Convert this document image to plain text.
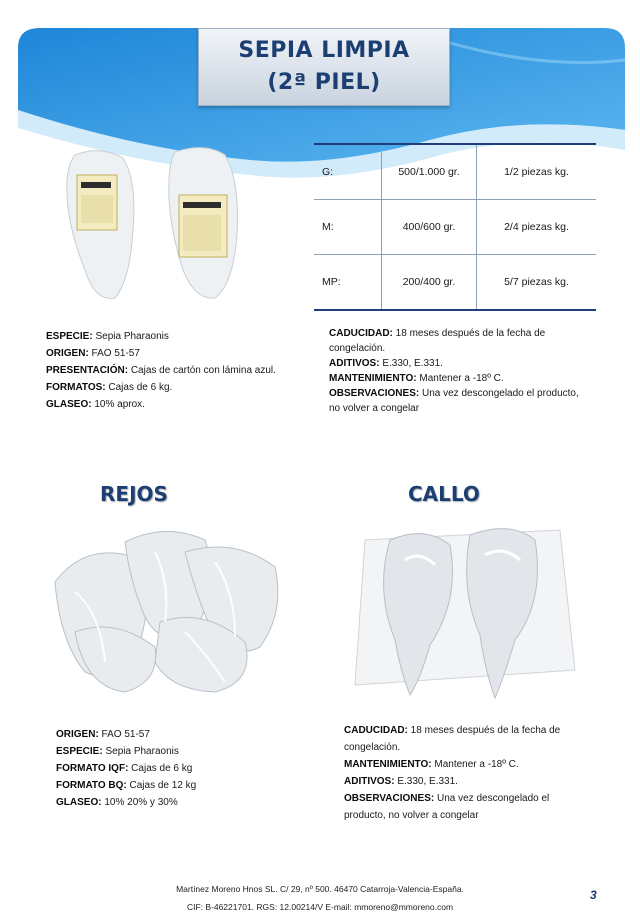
SEPIA LIMPIA
(2ª PIEL)
G:	500/1.000 gr.	1/2 piezas kg.
M:	400/600 gr.	2/4 piezas kg.
MP:	200/400 gr.	5/7 piezas kg.
ESPECIE: Sepia Pharaonis
ORIGEN: FAO 51-57
PRESENTACIÓN: Cajas de cartón con lámina azul.
FORMATOS: Cajas de 6 kg.
GLASEO: 10% aprox.
CADUCIDAD: 18 meses después de la fecha de congelación.
ADITIVOS: E.330, E.331.
MANTENIMIENTO: Mantener a -18º C.
OBSERVACIONES: Una vez descongelado el producto, no volver a congelar
REJOS	CALLO
ORIGEN: FAO 51-57
ESPECIE: Sepia Pharaonis
FORMATO IQF: Cajas de 6 kg
FORMATO BQ: Cajas de 12 kg
GLASEO: 10% 20% y 30%
CADUCIDAD: 18 meses después de la fecha de congelación.
MANTENIMIENTO: Mantener a -18º C.
ADITIVOS: E.330, E.331.
OBSERVACIONES: Una vez descongelado el producto, no volver a congelar
Martínez Moreno Hnos SL. C/ 29, nº 500. 46470 Catarroja-Valencia-España.
CIF: B-46221701. RGS: 12.00214/V E-mail: mmoreno@mmoreno.com
3
